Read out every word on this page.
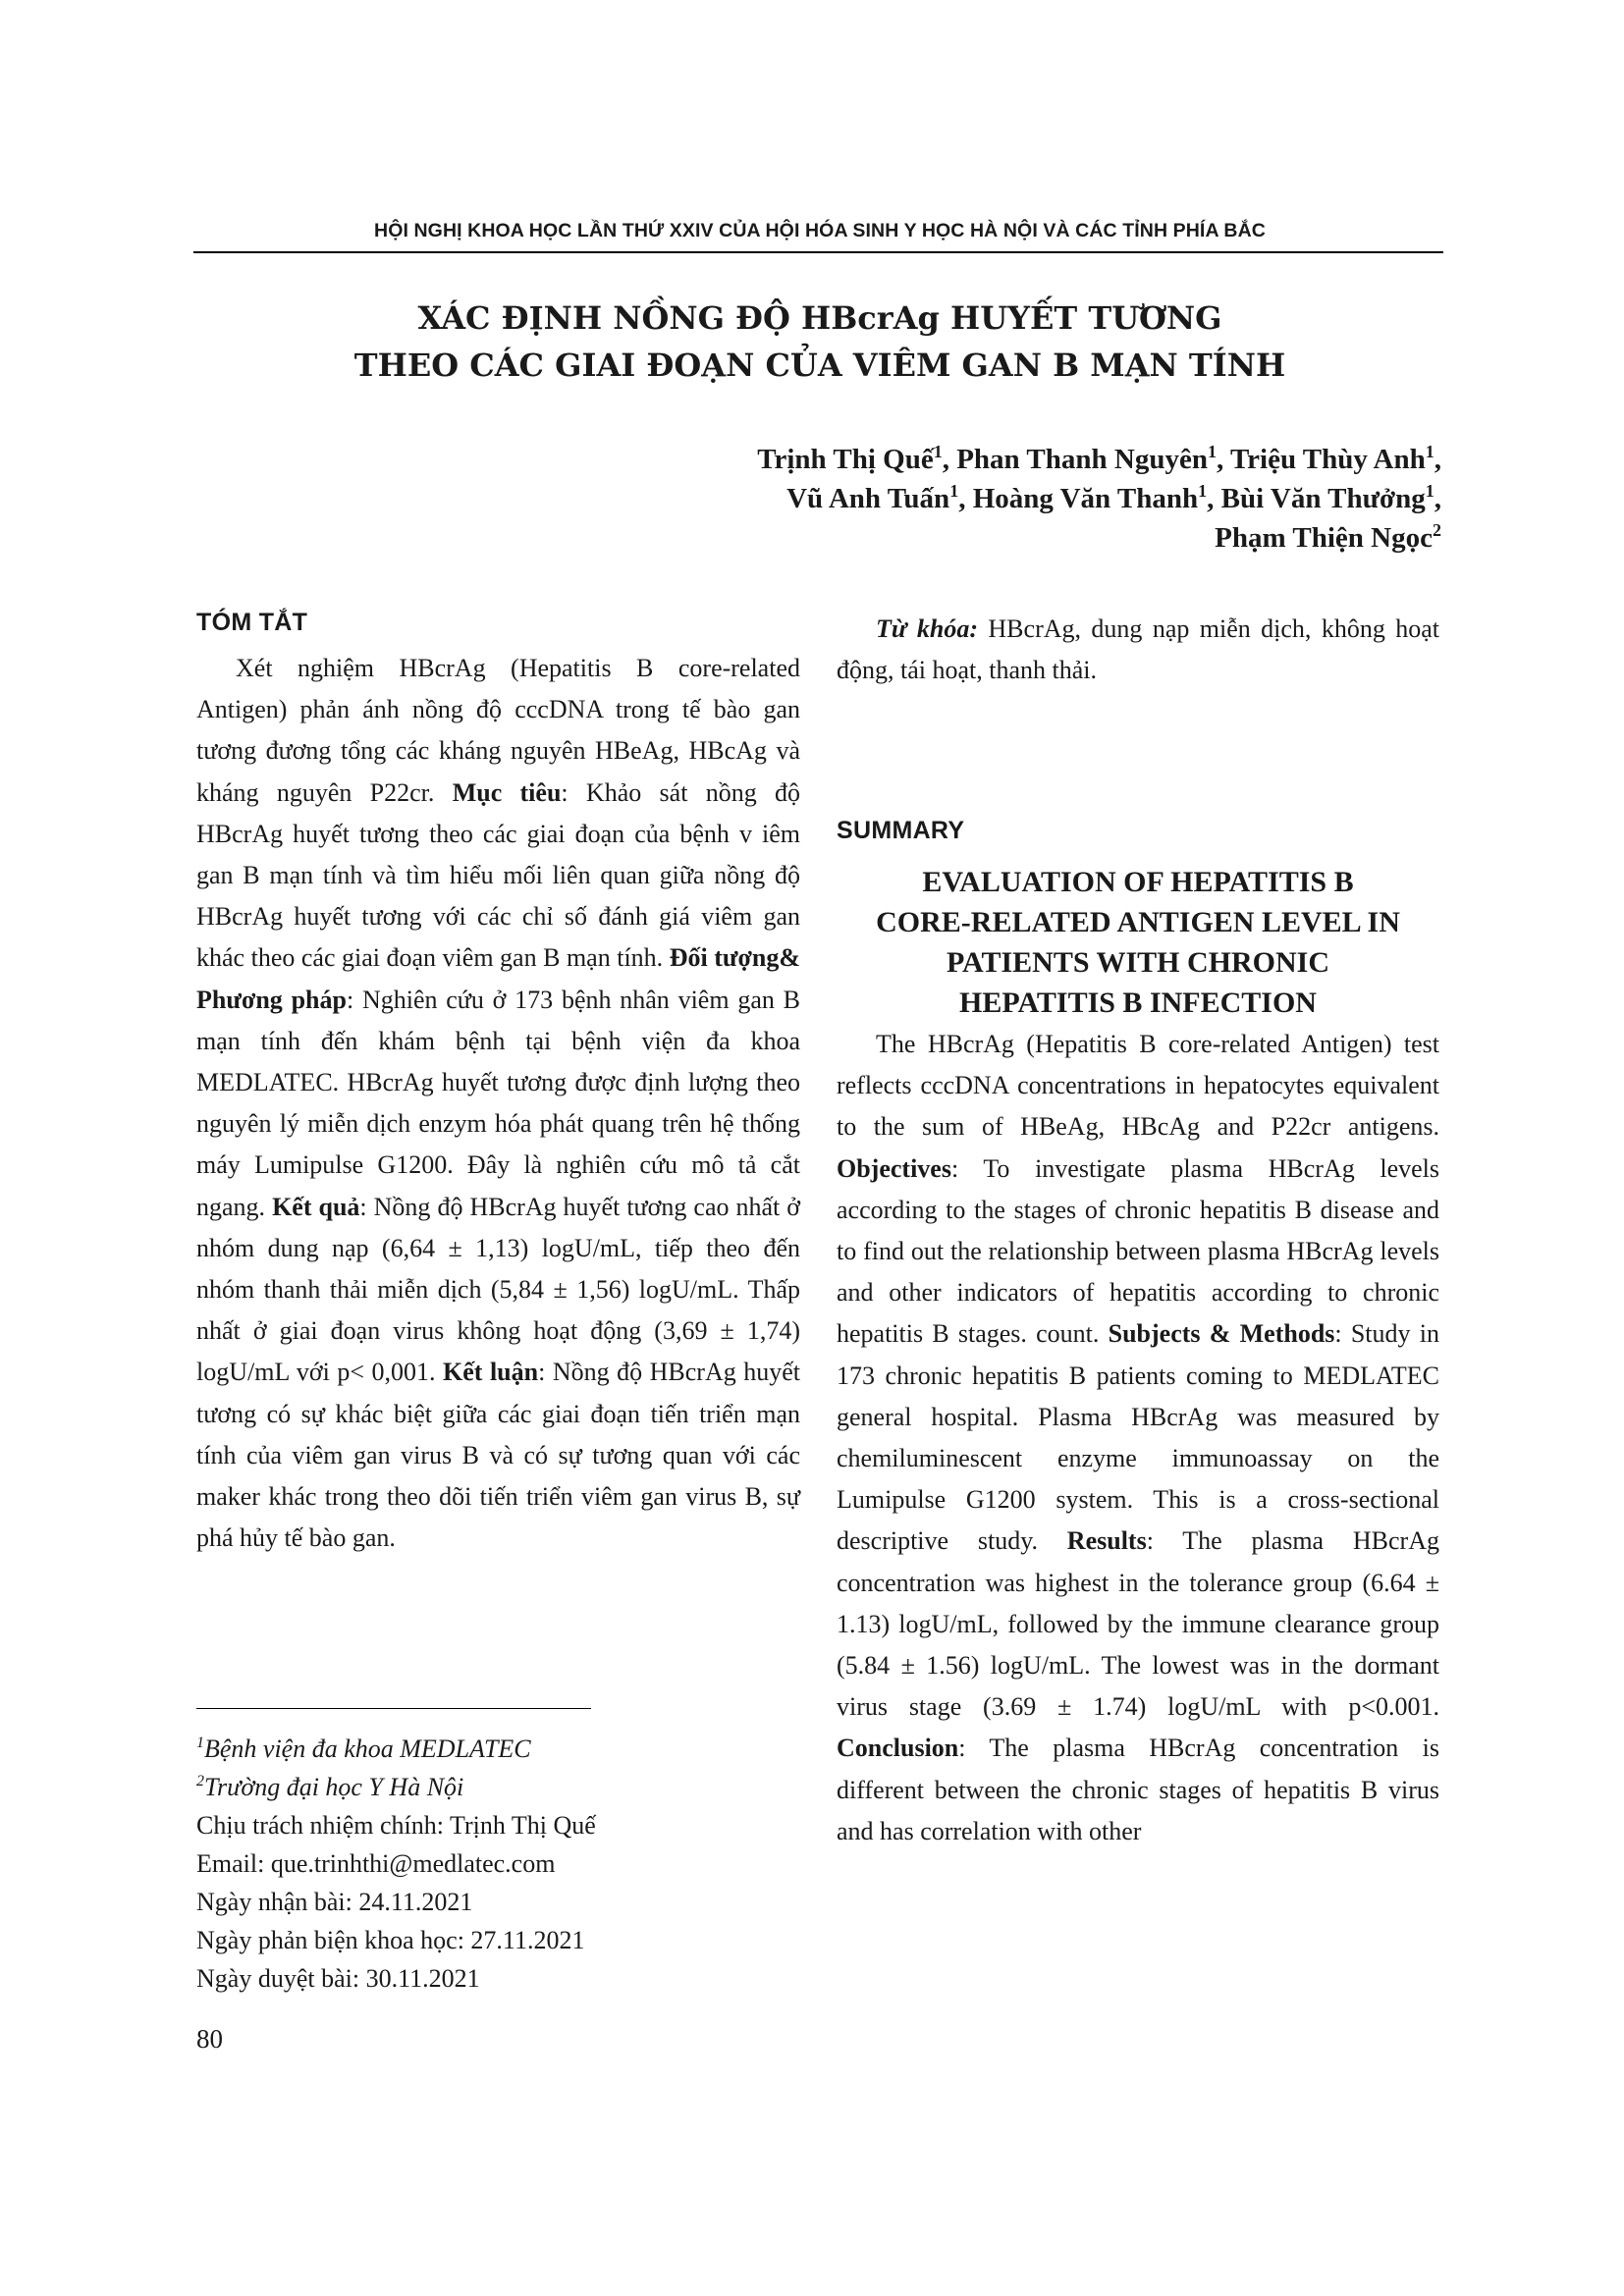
HỘI NGHỊ KHOA HỌC LẦN THỨ XXIV CỦA HỘI HÓA SINH Y HỌC HÀ NỘI VÀ CÁC TỈNH PHÍA BẮC
XÁC ĐỊNH NỒNG ĐỘ HBcrAg HUYẾT TƯƠNG
THEO CÁC GIAI ĐOẠN CỦA VIÊM GAN B MẠN TÍNH
Trịnh Thị Quế$^1$, Phan Thanh Nguyên$^1$, Triệu Thùy Anh$^1$,
Vũ Anh Tuấn$^1$, Hoàng Văn Thanh$^1$, Bùi Văn Thưởng$^1$,
Phạm Thiện Ngọc$^2$
TÓM TẮT

Xét nghiệm HBcrAg (Hepatitis B core-related Antigen) phản ánh nồng độ cccDNA trong tế bào gan tương đương tổng các kháng nguyên HBeAg, HBcAg và kháng nguyên P22cr. Mục tiêu: Khảo sát nồng độ HBcrAg huyết tương theo các giai đoạn của bệnh v iêm gan B mạn tính và tìm hiểu mối liên quan giữa nồng độ HBcrAg huyết tương với các chỉ số đánh giá viêm gan khác theo các giai đoạn viêm gan B mạn tính. Đối tượng& Phương pháp: Nghiên cứu ở 173 bệnh nhân viêm gan B mạn tính đến khám bệnh tại bệnh viện đa khoa MEDLATEC. HBcrAg huyết tương được định lượng theo nguyên lý miễn dịch enzym hóa phát quang trên hệ thống máy Lumipulse G1200. Đây là nghiên cứu mô tả cắt ngang. Kết quả: Nồng độ HBcrAg huyết tương cao nhất ở nhóm dung nạp (6,64 ± 1,13) logU/mL, tiếp theo đến nhóm thanh thải miễn dịch (5,84 ± 1,56) logU/mL. Thấp nhất ở giai đoạn virus không hoạt động (3,69 ± 1,74) logU/mL với p< 0,001. Kết luận: Nồng độ HBcrAg huyết tương có sự khác biệt giữa các giai đoạn tiến triển mạn tính của viêm gan virus B và có sự tương quan với các maker khác trong theo dõi tiến triển viêm gan virus B, sự phá hủy tế bào gan.

$^1$Bệnh viện đa khoa MEDLATEC
$^2$Trường đại học Y Hà Nội
Chịu trách nhiệm chính: Trịnh Thị Quế
Email: que.trinhthi@medlatec.com
Ngày nhận bài: 24.11.2021
Ngày phản biện khoa học: 27.11.2021
Ngày duyệt bài: 30.11.2021
80

Từ khóa: HBcrAg, dung nạp miễn dịch, không hoạt động, tái hoạt, thanh thải.

SUMMARY
EVALUATION OF HEPATITIS B
CORE-RELATED ANTIGEN LEVEL IN
PATIENTS WITH CHRONIC
HEPATITIS B INFECTION

The HBcrAg (Hepatitis B core-related Antigen) test reflects cccDNA concentrations in hepatocytes equivalent to the sum of HBeAg, HBcAg and P22cr antigens. Objectives: To investigate plasma HBcrAg levels according to the stages of chronic hepatitis B disease and to find out the relationship between plasma HBcrAg levels and other indicators of hepatitis according to chronic hepatitis B stages. count. Subjects & Methods: Study in 173 chronic hepatitis B patients coming to MEDLATEC general hospital. Plasma HBcrAg was measured by chemiluminescent enzyme immunoassay on the Lumipulse G1200 system. This is a cross-sectional descriptive study. Results: The plasma HBcrAg concentration was highest in the tolerance group (6.64 ± 1.13) logU/mL, followed by the immune clearance group (5.84 ± 1.56) logU/mL. The lowest was in the dormant virus stage (3.69 ± 1.74) logU/mL with p<0.001. Conclusion: The plasma HBcrAg concentration is different between the chronic stages of hepatitis B virus and has correlation with other
